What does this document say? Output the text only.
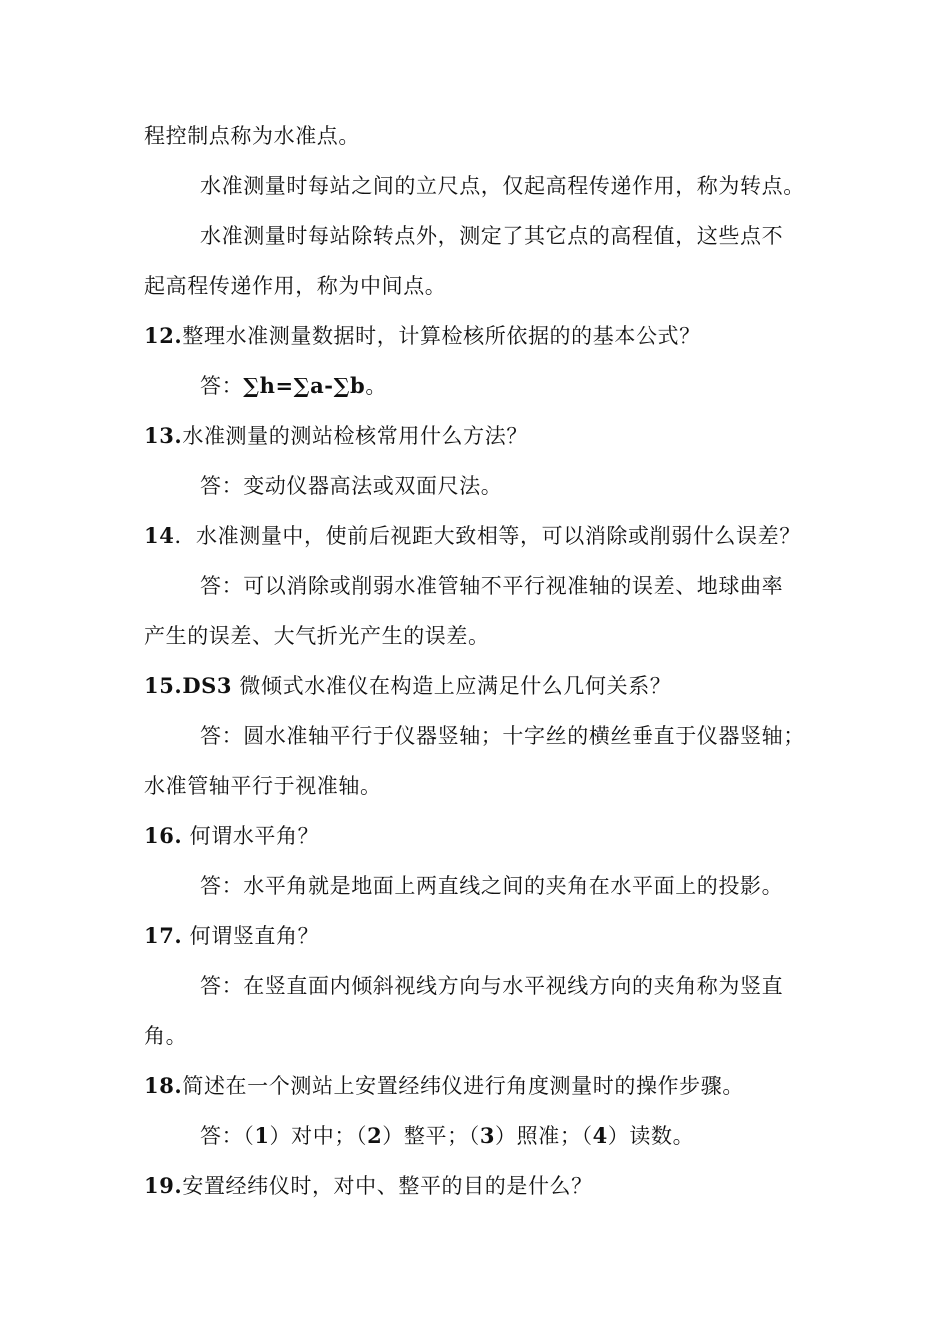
程控制点称为水准点。
水准测量时每站之间的立尺点，仅起高程传递作用，称为转点。
水准测量时每站除转点外，测定了其它点的高程值，这些点不
起高程传递作用，称为中间点。
12.整理水准测量数据时，计算检核所依据的的基本公式？
答：∑h=∑a-∑b。
13.水准测量的测站检核常用什么方法？
答：变动仪器高法或双面尺法。
14．水准测量中，使前后视距大致相等，可以消除或削弱什么误差？
答：可以消除或削弱水准管轴不平行视准轴的误差、地球曲率
产生的误差、大气折光产生的误差。
15.DS3 微倾式水准仪在构造上应满足什么几何关系？
答：圆水准轴平行于仪器竖轴；十字丝的横丝垂直于仪器竖轴；
水准管轴平行于视准轴。
16. 何谓水平角？
答：水平角就是地面上两直线之间的夹角在水平面上的投影。
17. 何谓竖直角？
答：在竖直面内倾斜视线方向与水平视线方向的夹角称为竖直
角。
18.简述在一个测站上安置经纬仪进行角度测量时的操作步骤。
答：（1）对中；（2）整平；（3）照准；（4）读数。
19.安置经纬仪时，对中、整平的目的是什么？
